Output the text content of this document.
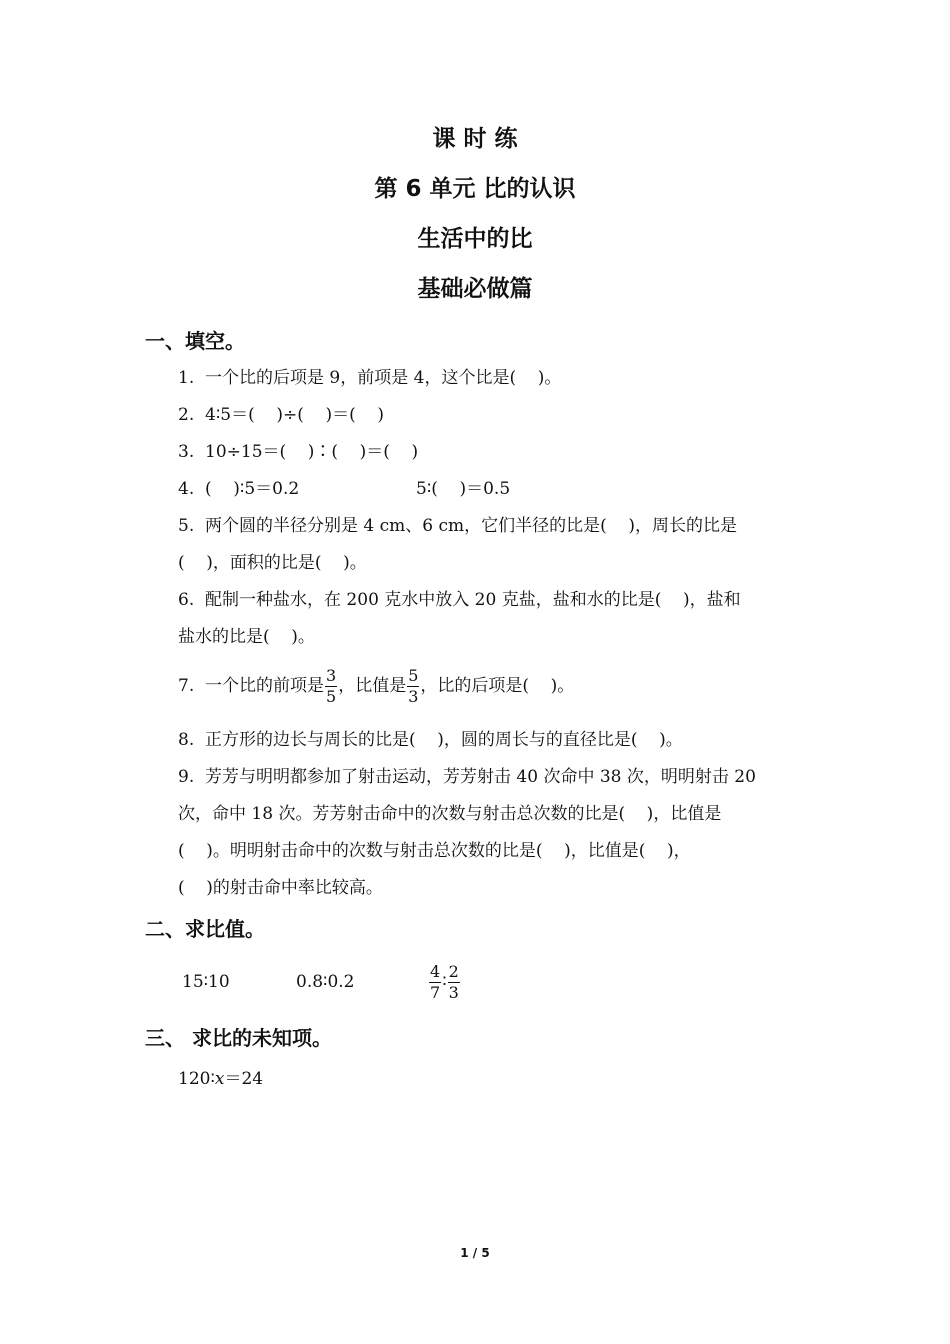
课 时 练
第 6 单元 比的认识
生活中的比
基础必做篇
一、填空。
1.  一个比的后项是 9，前项是 4，这个比是(    )。
2.  4∶5＝(    )÷(    )＝(    )
3.  10÷15＝(    )∶(    )＝(    )
4.  (    )∶5＝0.2	5∶(    )＝0.5
5.  两个圆的半径分别是 4 cm、6 cm，它们半径的比是(    )，周长的比是
(    )，面积的比是(    )。
6.  配制一种盐水，在 200 克水中放入 20 克盐，盐和水的比是(    )，盐和
盐水的比是(    )。
7.  一个比的前项是 $\frac{3}{5}$ ，比值是 $\frac{5}{3}$ ，比的后项是(    )。
8.  正方形的边长与周长的比是(    )，圆的周长与的直径比是(    )。
9.  芳芳与明明都参加了射击运动，芳芳射击 40 次命中 38 次，明明射击 20
次，命中 18 次。芳芳射击命中的次数与射击总次数的比是(    )，比值是
(    )。明明射击命中的次数与射击总次数的比是(    )，比值是(    )，
(    )的射击命中率比较高。
二、求比值。
15∶10	0.8∶0.2	$\frac{4}{7}$ ∶ $\frac{2}{3}$
三、 求比的未知项。
120∶x＝24
1 / 5
